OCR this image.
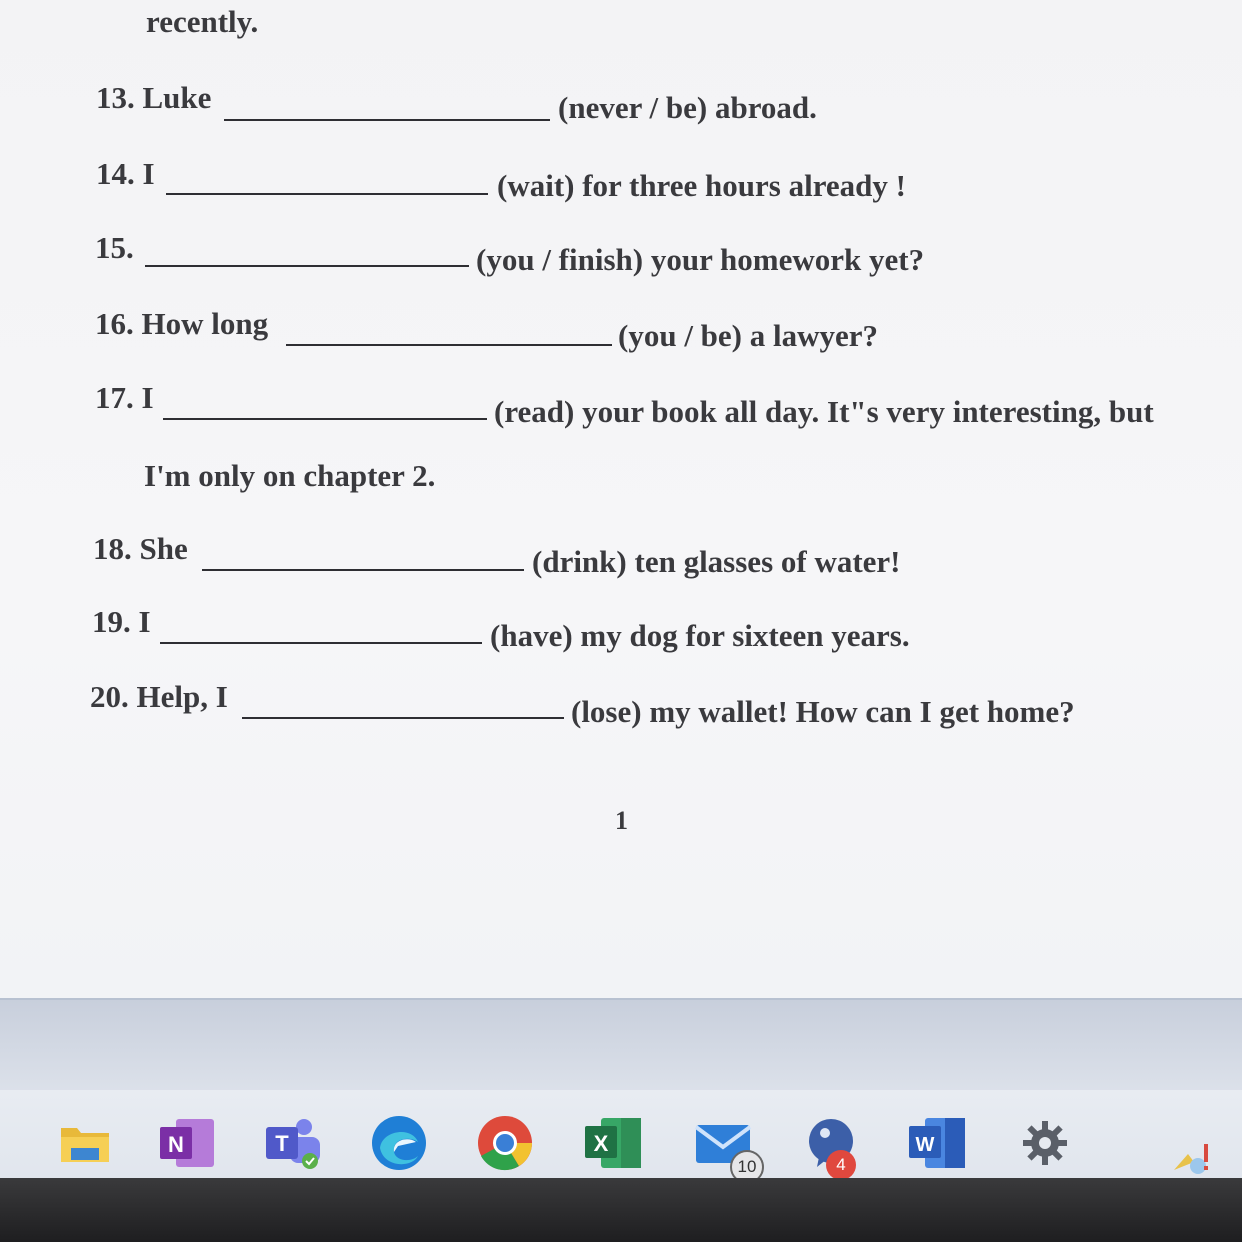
recently.
13. Luke	(never / be) abroad.
14. I	(wait) for three hours already !
15.	(you / finish) your homework yet?
16. How long	(you / be) a lawyer?
17. I	(read) your book all day. It"s very interesting, but
I'm only on chapter 2.
18. She	(drink) ten glasses of water!
19. I	(have) my dog for sixteen years.
20. Help, I	(lose) my wallet! How can I get home?
1
N	T	X
10	4
W
